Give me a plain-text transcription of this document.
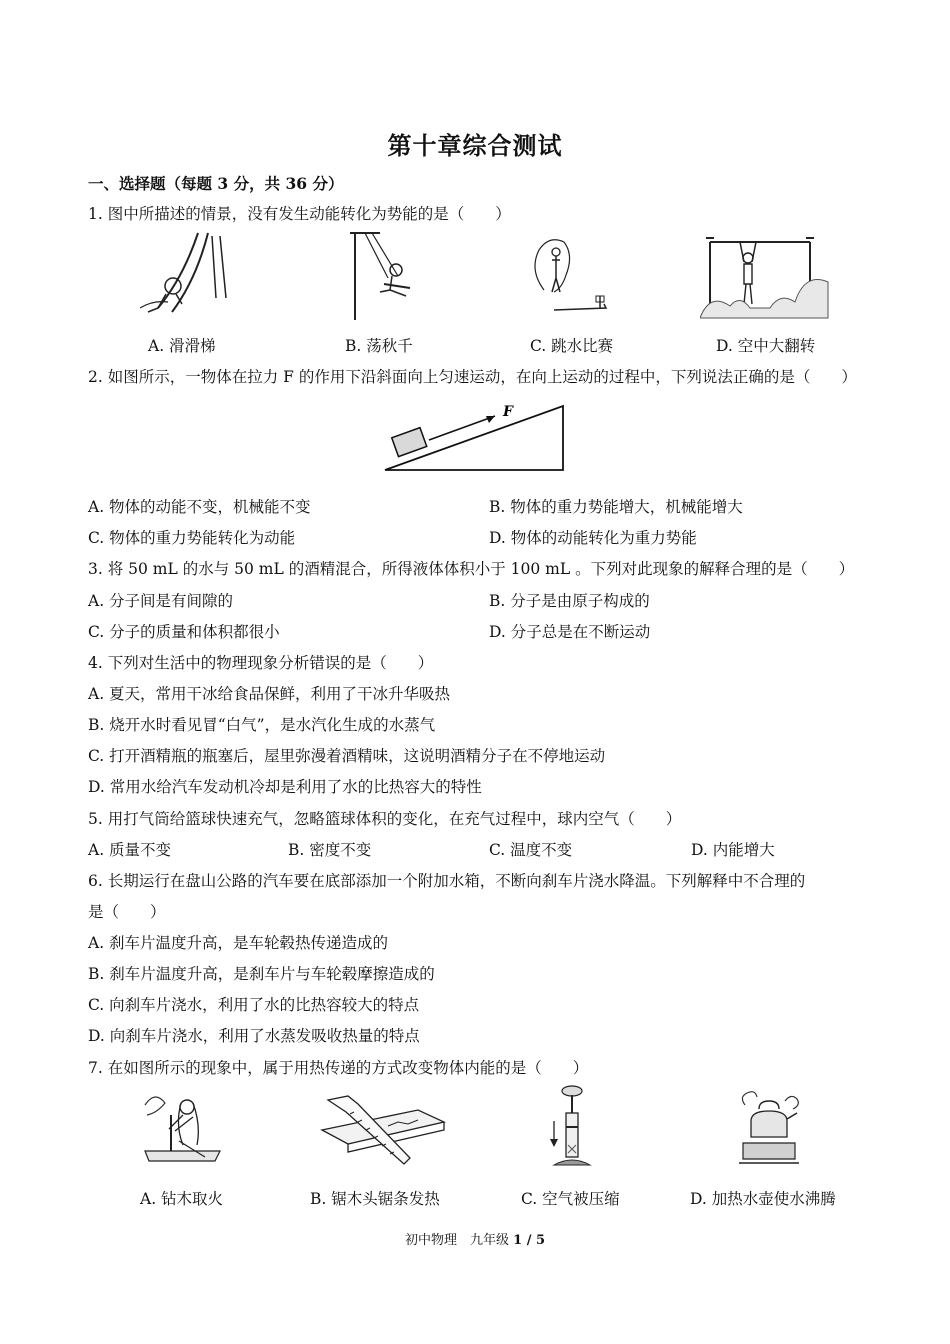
第十章综合测试
一、选择题（每题 3 分，共 36 分）
1. 图中所描述的情景，没有发生动能转化为势能的是（　　）
A. 滑滑梯	B. 荡秋千	C. 跳水比赛	D. 空中大翻转
2. 如图所示，一物体在拉力 F 的作用下沿斜面向上匀速运动，在向上运动的过程中，下列说法正确的是（　　）
F
A. 物体的动能不变，机械能不变	B. 物体的重力势能增大，机械能增大
C. 物体的重力势能转化为动能	D. 物体的动能转化为重力势能
3. 将 50 mL 的水与 50 mL 的酒精混合，所得液体体积小于 100 mL 。下列对此现象的解释合理的是（　　）
A. 分子间是有间隙的	B. 分子是由原子构成的
C. 分子的质量和体积都很小	D. 分子总是在不断运动
4. 下列对生活中的物理现象分析错误的是（　　）
A. 夏天，常用干冰给食品保鲜，利用了干冰升华吸热
B. 烧开水时看见冒“白气”，是水汽化生成的水蒸气
C. 打开酒精瓶的瓶塞后，屋里弥漫着酒精味，这说明酒精分子在不停地运动
D. 常用水给汽车发动机冷却是利用了水的比热容大的特性
5. 用打气筒给篮球快速充气，忽略篮球体积的变化，在充气过程中，球内空气（　　）
A. 质量不变	B. 密度不变	C. 温度不变	D. 内能增大
6. 长期运行在盘山公路的汽车要在底部添加一个附加水箱，不断向刹车片浇水降温。下列解释中不合理的
是（　　）
A. 刹车片温度升高，是车轮毂热传递造成的
B. 刹车片温度升高，是刹车片与车轮毂摩擦造成的
C. 向刹车片浇水，利用了水的比热容较大的特点
D. 向刹车片浇水，利用了水蒸发吸收热量的特点
7. 在如图所示的现象中，属于用热传递的方式改变物体内能的是（　　）
A. 钻木取火	B. 锯木头锯条发热	C. 空气被压缩	D. 加热水壶使水沸腾
初中物理　九年级 1 / 5
